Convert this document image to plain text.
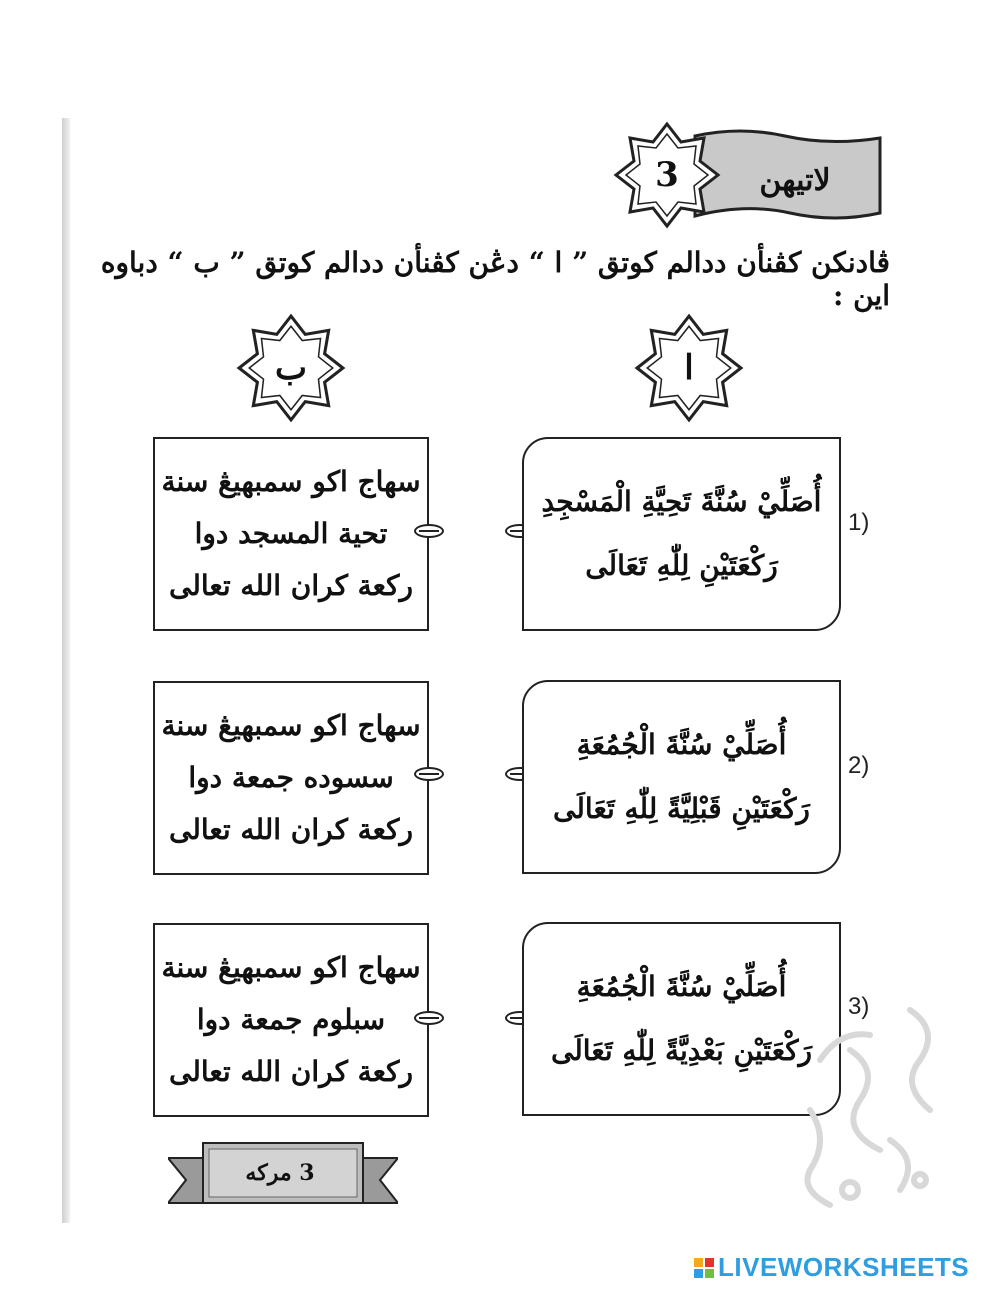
لاتيهن
3
ڤادنكن كڤنأن ددالم كوتق ” ا “ دڠن كڤنأن ددالم كوتق ” ب “ دباوه اين :
ب	ا
سهاج اكو سمبهيڠ سنة
تحية المسجد دوا
ركعة كران الله تعالى
أُصَلِّيْ سُنَّةَ تَحِيَّةِ الْمَسْجِدِ
رَكْعَتَيْنِ لِلّٰهِ تَعَالَى
1)
سهاج اكو سمبهيڠ سنة
سسوده جمعة دوا
ركعة كران الله تعالى
أُصَلِّيْ سُنَّةَ الْجُمُعَةِ
رَكْعَتَيْنِ قَبْلِيَّةً لِلّٰهِ تَعَالَى
2)
سهاج اكو سمبهيڠ سنة
سبلوم جمعة دوا
ركعة كران الله تعالى
أُصَلِّيْ سُنَّةَ الْجُمُعَةِ
رَكْعَتَيْنِ بَعْدِيَّةً لِلّٰهِ تَعَالَى
3)
3 مركه
LIVEWORKSHEETS
